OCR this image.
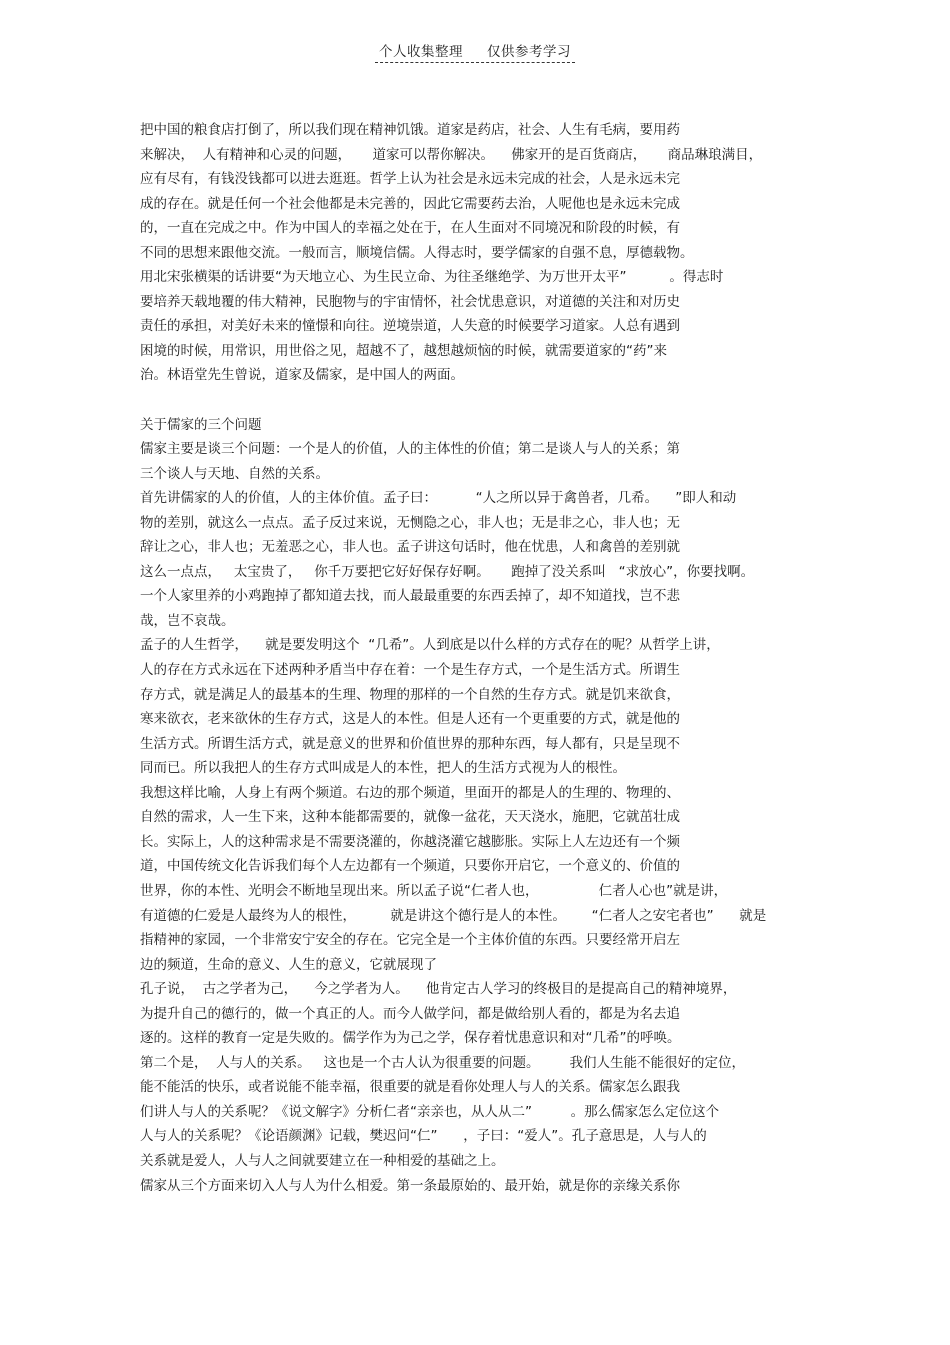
个人收集整理 仅供参考学习
把中国的粮食店打倒了，所以我们现在精神饥饿。道家是药店，社会、人生有毛病，要用药
来解决，  人有精神和心灵的问题，     道家可以帮你解决。    佛家开的是百货商店，     商品琳琅满目，
应有尽有，有钱没钱都可以进去逛逛。哲学上认为社会是永远未完成的社会，人是永远未完
成的存在。就是任何一个社会他都是未完善的，因此它需要药去治，人呢他也是永远未完成
的，一直在完成之中。作为中国人的幸福之处在于，在人生面对不同境况和阶段的时候，有
不同的思想来跟他交流。一般而言，顺境信儒。人得志时，要学儒家的自强不息，厚德载物。
用北宋张横渠的话讲要“为天地立心、为生民立命、为往圣继绝学、为万世开太平”          。得志时
要培养天载地覆的伟大精神，民胞物与的宇宙情怀，社会忧患意识，对道德的关注和对历史
责任的承担，对美好未来的憧憬和向往。逆境崇道，人失意的时候要学习道家。人总有遇到
困境的时候，用常识，用世俗之见，超越不了，越想越烦恼的时候，就需要道家的“药”来
治。林语堂先生曾说，道家及儒家，是中国人的两面。
关于儒家的三个问题
儒家主要是谈三个问题：一个是人的价值，人的主体性的价值；第二是谈人与人的关系；第
三个谈人与天地、自然的关系。
首先讲儒家的人的价值，人的主体价值。孟子曰：         “人之所以异于禽兽者，几希。    ”即人和动
物的差别，就这么一点点。孟子反过来说，无恻隐之心，非人也；无是非之心，非人也；无
辞让之心，非人也；无羞恶之心，非人也。孟子讲这句话时，他在忧患，人和禽兽的差别就
这么一点点，   太宝贵了，   你千万要把它好好保存好啊。     跑掉了没关系叫   “求放心”，你要找啊。
一个人家里养的小鸡跑掉了都知道去找，而人最最重要的东西丢掉了，却不知道找，岂不悲
哉，岂不哀哉。
孟子的人生哲学，    就是要发明这个  “几希”。人到底是以什么样的方式存在的呢？从哲学上讲，
人的存在方式永远在下述两种矛盾当中存在着：一个是生存方式，一个是生活方式。所谓生
存方式，就是满足人的最基本的生理、物理的那样的一个自然的生存方式。就是饥来欲食，
寒来欲衣，老来欲休的生存方式，这是人的本性。但是人还有一个更重要的方式，就是他的
生活方式。所谓生活方式，就是意义的世界和价值世界的那种东西，每人都有，只是呈现不
同而已。所以我把人的生存方式叫成是人的本性，把人的生活方式视为人的根性。
我想这样比喻，人身上有两个频道。右边的那个频道，里面开的都是人的生理的、物理的、
自然的需求，人一生下来，这种本能都需要的，就像一盆花，天天浇水，施肥，它就茁壮成
长。实际上，人的这种需求是不需要浇灌的，你越浇灌它越膨胀。实际上人左边还有一个频
道，中国传统文化告诉我们每个人左边都有一个频道，只要你开启它，一个意义的、价值的
世界，你的本性、光明会不断地呈现出来。所以孟子说“仁者人也，              仁者人心也”就是讲，
有道德的仁爱是人最终为人的根性，        就是讲这个德行是人的本性。      “仁者人之安宅者也”      就是
指精神的家园，一个非常安宁安全的存在。它完全是一个主体价值的东西。只要经常开启左
边的频道，生命的意义、人生的意义，它就展现了
孔子说，  古之学者为己，    今之学者为人。    他肯定古人学习的终极目的是提高自己的精神境界，
为提升自己的德行的，做一个真正的人。而今人做学问，都是做给别人看的，都是为名去追
逐的。这样的教育一定是失败的。儒学作为为己之学，保存着忧患意识和对“几希”的呼唤。
第二个是，  人与人的关系。   这也是一个古人认为很重要的问题。       我们人生能不能很好的定位，
能不能活的快乐，或者说能不能幸福，很重要的就是看你处理人与人的关系。儒家怎么跟我
们讲人与人的关系呢？《说文解字》分析仁者“亲亲也，从人从二”         。那么儒家怎么定位这个
人与人的关系呢？《论语颜渊》记载，樊迟问“仁”      ，子曰：“爱人”。孔子意思是，人与人的
关系就是爱人，人与人之间就要建立在一种相爱的基础之上。
儒家从三个方面来切入人与人为什么相爱。第一条最原始的、最开始，就是你的亲缘关系你
